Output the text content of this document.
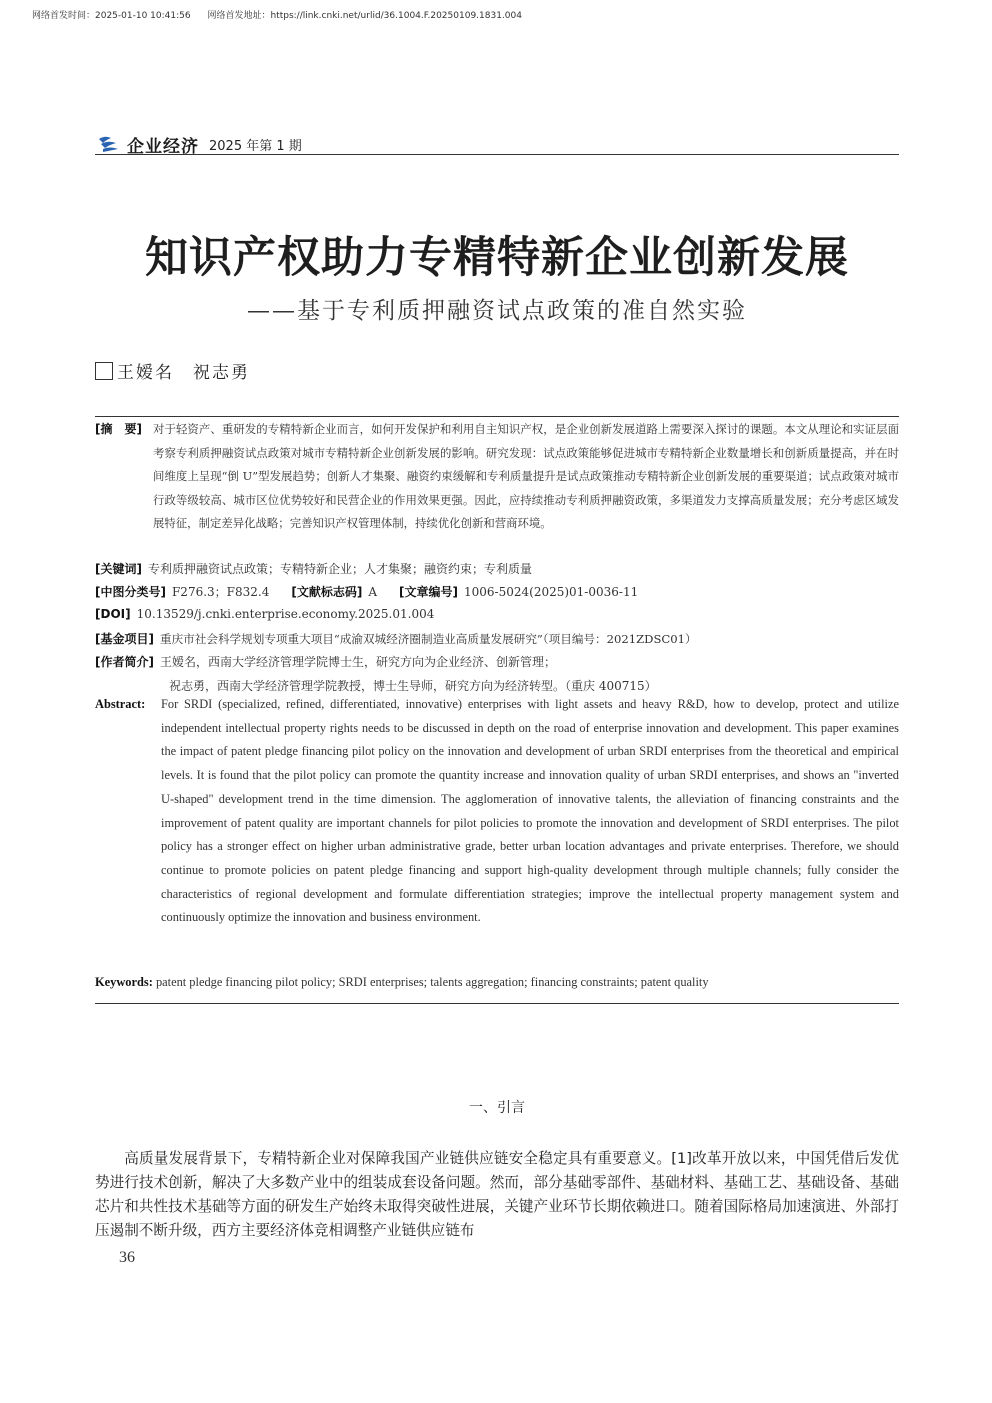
网络首发时间：2025-01-10 10:41:56 网络首发地址：https://link.cnki.net/urlid/36.1004.F.20250109.1831.004
企业经济 2025 年第 1 期
知识产权助力专精特新企业创新发展
——基于专利质押融资试点政策的准自然实验
王嫒名　祝志勇
[摘　要] 对于轻资产、重研发的专精特新企业而言，如何开发保护和利用自主知识产权，是企业创新发展道路上需要深入探讨的课题。本文从理论和实证层面考察专利质押融资试点政策对城市专精特新企业创新发展的影响。研究发现：试点政策能够促进城市专精特新企业数量增长和创新质量提高，并在时间维度上呈现“倒 U”型发展趋势；创新人才集聚、融资约束缓解和专利质量提升是试点政策推动专精特新企业创新发展的重要渠道；试点政策对城市行政等级较高、城市区位优势较好和民营企业的作用效果更强。因此，应持续推动专利质押融资政策，多渠道发力支撑高质量发展；充分考虑区域发展特征，制定差异化战略；完善知识产权管理体制，持续优化创新和营商环境。
[关键词] 专利质押融资试点政策；专精特新企业；人才集聚；融资约束；专利质量
[中图分类号] F276.3；F832.4 [文献标志码] A [文章编号] 1006-5024(2025)01-0036-11
[DOI] 10.13529/j.cnki.enterprise.economy.2025.01.004
[基金项目] 重庆市社会科学规划专项重大项目“成渝双城经济圈制造业高质量发展研究”（项目编号：2021ZDSC01）
[作者简介] 王嫒名，西南大学经济管理学院博士生，研究方向为企业经济、创新管理；
祝志勇，西南大学经济管理学院教授，博士生导师，研究方向为经济转型。（重庆 400715）
Abstract: For SRDI (specialized, refined, differentiated, innovative) enterprises with light assets and heavy R&D, how to develop, protect and utilize independent intellectual property rights needs to be discussed in depth on the road of enterprise innovation and development. This paper examines the impact of patent pledge financing pilot policy on the innovation and development of urban SRDI enterprises from the theoretical and empirical levels. It is found that the pilot policy can promote the quantity increase and innovation quality of urban SRDI enterprises, and shows an "inverted U-shaped" development trend in the time dimension. The agglomeration of innovative talents, the alleviation of financing constraints and the improvement of patent quality are important channels for pilot policies to promote the innovation and development of SRDI enterprises. The pilot policy has a stronger effect on higher urban administrative grade, better urban location advantages and private enterprises. Therefore, we should continue to promote policies on patent pledge financing and support high-quality development through multiple channels; fully consider the characteristics of regional development and formulate differentiation strategies; improve the intellectual property management system and continuously optimize the innovation and business environment.
Keywords: patent pledge financing pilot policy; SRDI enterprises; talents aggregation; financing constraints; patent quality
一、引言
高质量发展背景下，专精特新企业对保障我国产业链供应链安全稳定具有重要意义。[1]改革开放以来，中国凭借后发优势进行技术创新，解决了大多数产业中的组装成套设备问题。然而，部分基础零部件、基础材料、基础工艺、基础设备、基础芯片和共性技术基础等方面的研发生产始终未取得突破性进展，关键产业环节长期依赖进口。随着国际格局加速演进、外部打压遏制不断升级，西方主要经济体竞相调整产业链供应链布
36
